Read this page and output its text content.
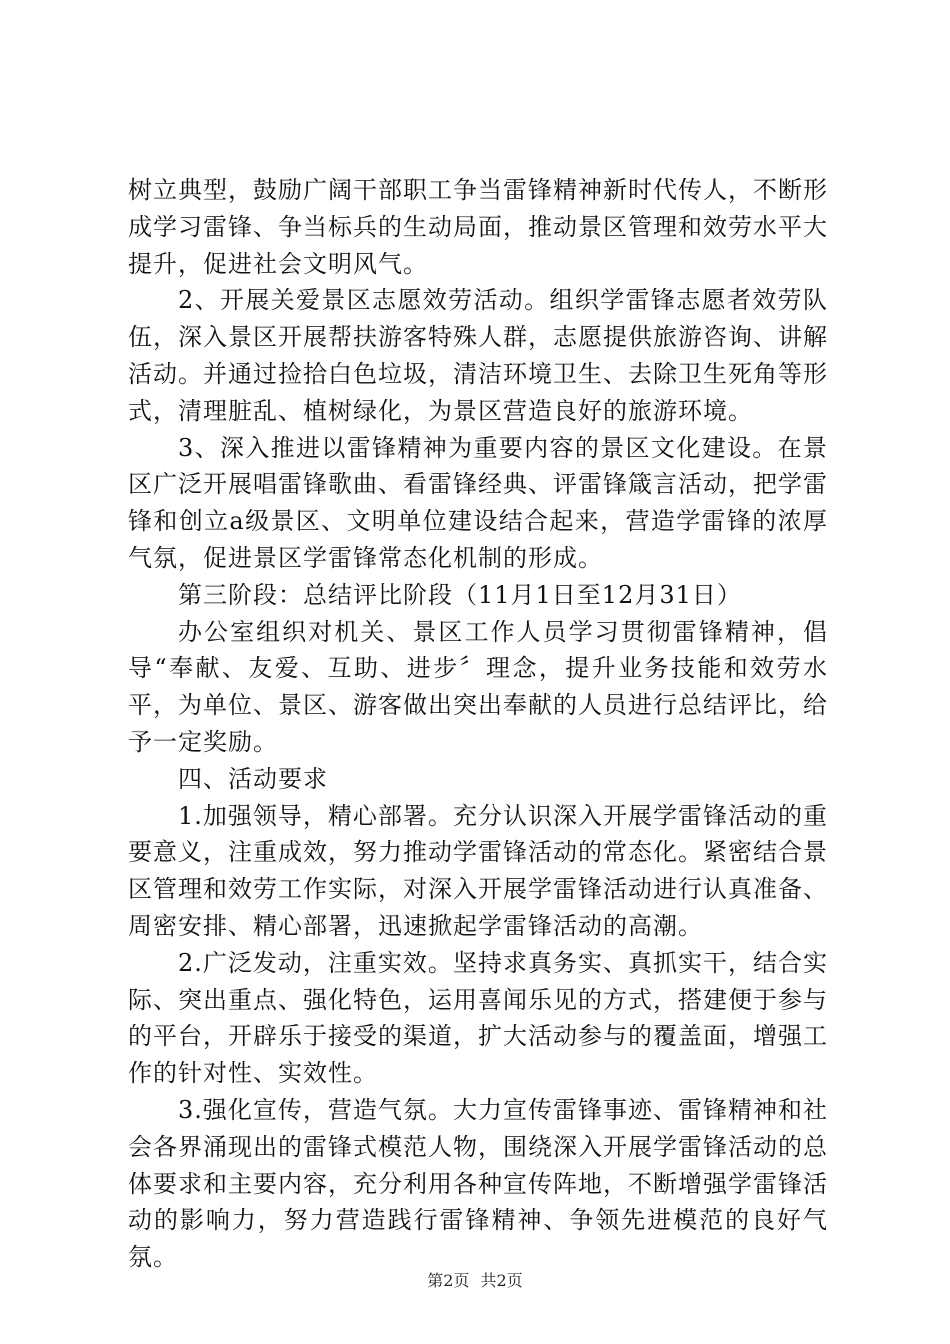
树立典型，鼓励广阔干部职工争当雷锋精神新时代传人，不断形成学习雷锋、争当标兵的生动局面，推动景区管理和效劳水平大提升，促进社会文明风气。

2、开展关爱景区志愿效劳活动。组织学雷锋志愿者效劳队伍，深入景区开展帮扶游客特殊人群，志愿提供旅游咨询、讲解活动。并通过捡拾白色垃圾，清洁环境卫生、去除卫生死角等形式，清理脏乱、植树绿化，为景区营造良好的旅游环境。

3、深入推进以雷锋精神为重要内容的景区文化建设。在景区广泛开展唱雷锋歌曲、看雷锋经典、评雷锋箴言活动，把学雷锋和创立a级景区、文明单位建设结合起来，营造学雷锋的浓厚气氛，促进景区学雷锋常态化机制的形成。

第三阶段：总结评比阶段（11月1日至12月31日）

办公室组织对机关、景区工作人员学习贯彻雷锋精神，倡导“奉献、友爱、互助、进步〞理念，提升业务技能和效劳水平，为单位、景区、游客做出突出奉献的人员进行总结评比，给予一定奖励。

四、活动要求

1.加强领导，精心部署。充分认识深入开展学雷锋活动的重要意义，注重成效，努力推动学雷锋活动的常态化。紧密结合景区管理和效劳工作实际，对深入开展学雷锋活动进行认真准备、周密安排、精心部署，迅速掀起学雷锋活动的高潮。

2.广泛发动，注重实效。坚持求真务实、真抓实干，结合实际、突出重点、强化特色，运用喜闻乐见的方式，搭建便于参与的平台，开辟乐于接受的渠道，扩大活动参与的覆盖面，增强工作的针对性、实效性。

3.强化宣传，营造气氛。大力宣传雷锋事迹、雷锋精神和社会各界涌现出的雷锋式模范人物，围绕深入开展学雷锋活动的总体要求和主要内容，充分利用各种宣传阵地，不断增强学雷锋活动的影响力，努力营造践行雷锋精神、争领先进模范的良好气氛。

第2页 共2页
